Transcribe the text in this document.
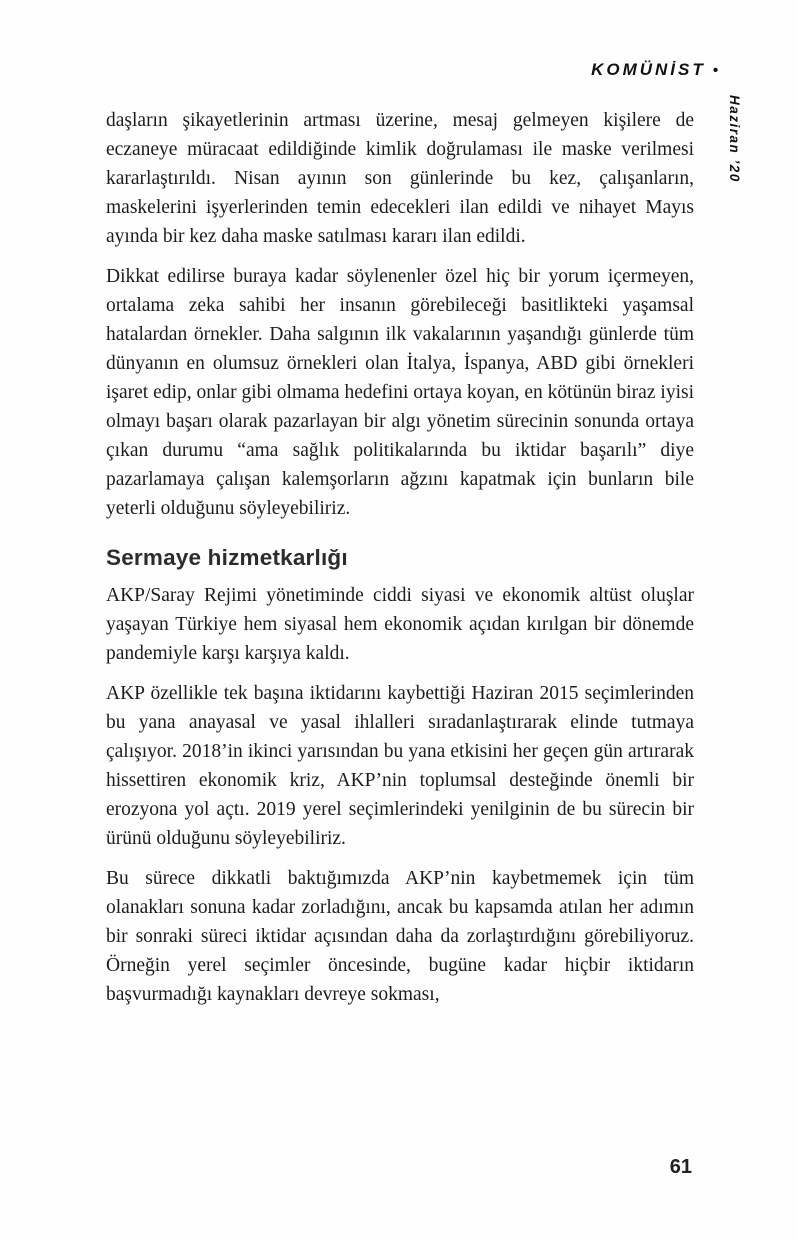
KOMÜNİST •
Haziran ’20

daşların şikayetlerinin artması üzerine, mesaj gelmeyen kişilere de eczaneye müracaat edildiğinde kimlik doğrulaması ile maske verilmesi kararlaştırıldı. Nisan ayının son günlerinde bu kez, çalışanların, maskelerini işyerlerinden temin edecekleri ilan edildi ve nihayet Mayıs ayında bir kez daha maske satılması kararı ilan edildi.

Dikkat edilirse buraya kadar söylenenler özel hiç bir yorum içermeyen, ortalama zeka sahibi her insanın görebileceği basitlikteki yaşamsal hatalardan örnekler. Daha salgının ilk vakalarının yaşandığı günlerde tüm dünyanın en olumsuz örnekleri olan İtalya, İspanya, ABD gibi örnekleri işaret edip, onlar gibi olmama hedefini ortaya koyan, en kötünün biraz iyisi olmayı başarı olarak pazarlayan bir algı yönetim sürecinin sonunda ortaya çıkan durumu “ama sağlık politikalarında bu iktidar başarılı” diye pazarlamaya çalışan kalemşorların ağzını kapatmak için bunların bile yeterli olduğunu söyleyebiliriz.

Sermaye hizmetkarlığı

AKP/Saray Rejimi yönetiminde ciddi siyasi ve ekonomik altüst oluşlar yaşayan Türkiye hem siyasal hem ekonomik açıdan kırılgan bir dönemde pandemiyle karşı karşıya kaldı.

AKP özellikle tek başına iktidarını kaybettiği Haziran 2015 seçimlerinden bu yana anayasal ve yasal ihlalleri sıradanlaştırarak elinde tutmaya çalışıyor. 2018’in ikinci yarısından bu yana etkisini her geçen gün artırarak hissettiren ekonomik kriz, AKP’nin toplumsal desteğinde önemli bir erozyona yol açtı. 2019 yerel seçimlerindeki yenilginin de bu sürecin bir ürünü olduğunu söyleyebiliriz.

Bu sürece dikkatli baktığımızda AKP’nin kaybetmemek için tüm olanakları sonuna kadar zorladığını, ancak bu kapsamda atılan her adımın bir sonraki süreci iktidar açısından daha da zorlaştırdığını görebiliyoruz. Örneğin yerel seçimler öncesinde, bugüne kadar hiçbir iktidarın başvurmadığı kaynakları devreye sokması,

61
